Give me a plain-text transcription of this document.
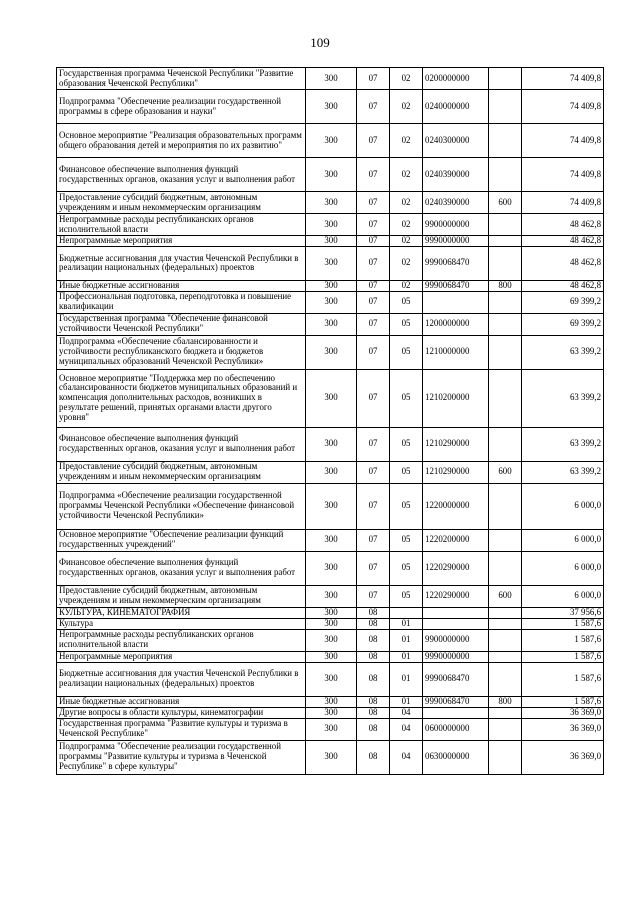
109
Государственная программа Чеченской Республики "Развитие образования Чеченской Республики"	300	07	02	0200000000		74 409,8
Подпрограмма "Обеспечение реализации государственной программы в сфере образования и науки"	300	07	02	0240000000		74 409,8
Основное мероприятие "Реализация образовательных программ общего образования детей и мероприятия по их развитию"	300	07	02	0240300000		74 409,8
Финансовое обеспечение выполнения функций государственных органов, оказания услуг и выполнения работ	300	07	02	0240390000		74 409,8
Предоставление субсидий бюджетным, автономным учреждениям и иным некоммерческим организациям	300	07	02	0240390000	600	74 409,8
Непрограммные расходы республиканских органов исполнительной власти	300	07	02	9900000000		48 462,8
Непрограммные мероприятия	300	07	02	9990000000		48 462,8
Бюджетные ассигнования для участия Чеченской Республики в реализации национальных (федеральных) проектов	300	07	02	9990068470		48 462,8
Иные бюджетные ассигнования	300	07	02	9990068470	800	48 462,8
Профессиональная подготовка, переподготовка и повышение квалификации	300	07	05			69 399,2
Государственная программа "Обеспечение финансовой устойчивости Чеченской Республики"	300	07	05	1200000000		69 399,2
Подпрограмма «Обеспечение сбалансированности и устойчивости республиканского бюджета и бюджетов муниципальных образований Чеченской Республики»	300	07	05	1210000000		63 399,2
Основное мероприятие "Поддержка мер по обеспечению сбалансированности бюджетов муниципальных образований и компенсация дополнительных расходов, возникших в результате решений, принятых органами власти другого уровня"	300	07	05	1210200000		63 399,2
Финансовое обеспечение выполнения функций государственных органов, оказания услуг и выполнения работ	300	07	05	1210290000		63 399,2
Предоставление субсидий бюджетным, автономным учреждениям и иным некоммерческим организациям	300	07	05	1210290000	600	63 399,2
Подпрограмма «Обеспечение реализации государственной программы Чеченской Республики «Обеспечение финансовой устойчивости Чеченской Республики»	300	07	05	1220000000		6 000,0
Основное мероприятие "Обеспечение реализации функций государственных учреждений"	300	07	05	1220200000		6 000,0
Финансовое обеспечение выполнения функций государственных органов, оказания услуг и выполнения работ	300	07	05	1220290000		6 000,0
Предоставление субсидий бюджетным, автономным учреждениям и иным некоммерческим организациям	300	07	05	1220290000	600	6 000,0
КУЛЬТУРА, КИНЕМАТОГРАФИЯ	300	08				37 956,6
Культура	300	08	01			1 587,6
Непрограммные расходы республиканских органов исполнительной власти	300	08	01	9900000000		1 587,6
Непрограммные мероприятия	300	08	01	9990000000		1 587,6
Бюджетные ассигнования для участия Чеченской Республики в реализации национальных (федеральных) проектов	300	08	01	9990068470		1 587,6
Иные бюджетные ассигнования	300	08	01	9990068470	800	1 587,6
Другие вопросы в области культуры, кинематографии	300	08	04			36 369,0
Государственная программа "Развитие культуры и туризма в Чеченской Республике"	300	08	04	0600000000		36 369,0
Подпрограмма "Обеспечение реализации государственной программы "Развитие культуры и туризма в Чеченской Республике" в сфере культуры"	300	08	04	0630000000		36 369,0
